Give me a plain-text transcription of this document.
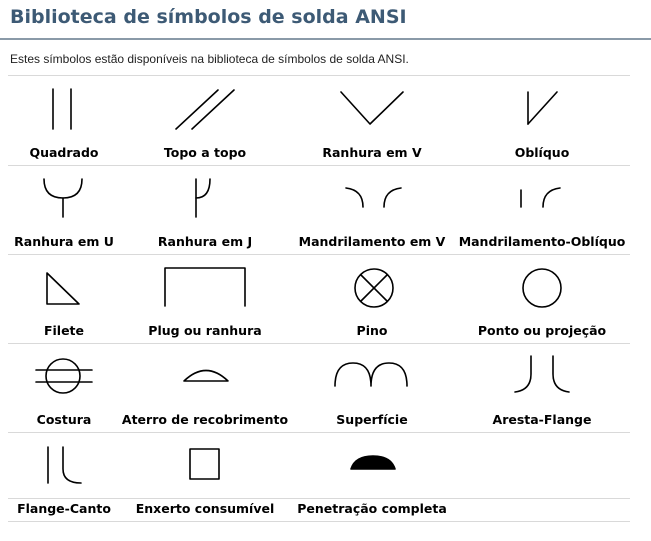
Biblioteca de símbolos de solda ANSI

Estes símbolos estão disponíveis na biblioteca de símbolos de solda ANSI.

Quadrado	Topo a topo	Ranhura em V	Oblíquo
Ranhura em U	Ranhura em J	Mandrilamento em V	Mandrilamento-Oblíquo
Filete	Plug ou ranhura	Pino	Ponto ou projeção
Costura	Aterro de recobrimento	Superfície	Aresta-Flange
Flange-Canto	Enxerto consumível	Penetração completa
